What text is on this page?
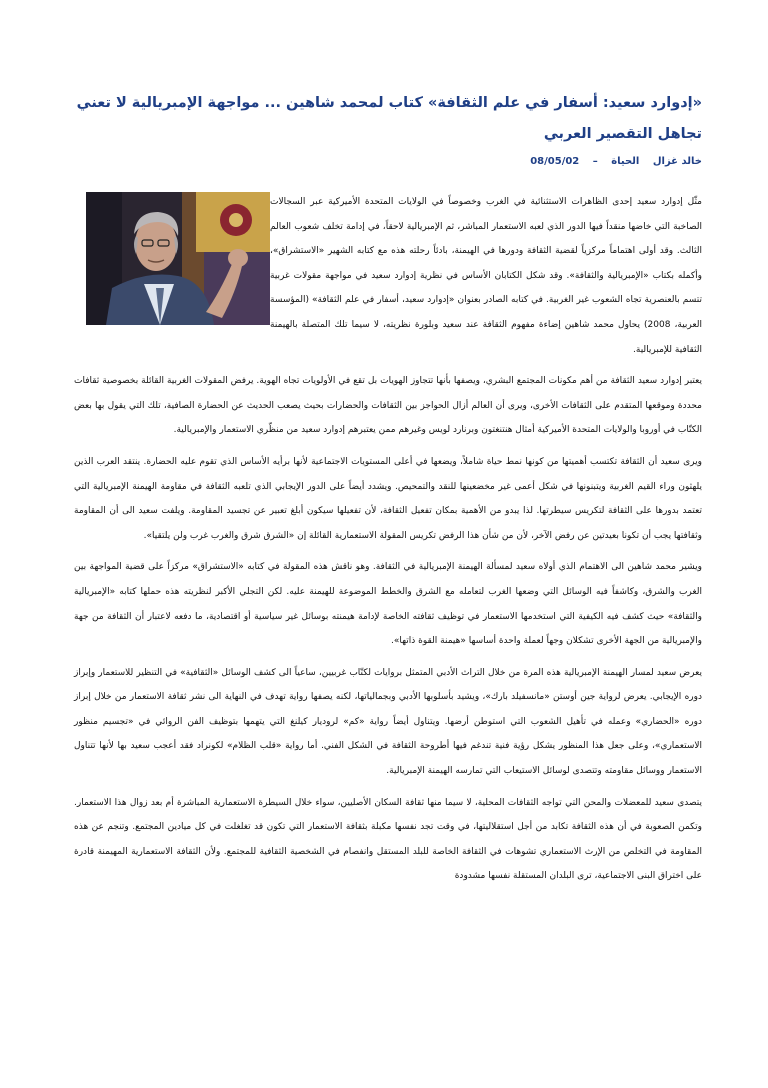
«إدوارد سعيد: أسفار في علم الثقافة» كتاب لمحمد شاهين ... مواجهة الإمبريالية لا تعني تجاهل التقصير العربي
خالد غزال الحياة – 08/05/02

مثّل إدوارد سعيد إحدى الظاهرات الاستثنائية في الغرب وخصوصاً في الولايات المتحدة الأميركية عبر السجالات الصاخبة التي خاضها منقداً فيها الدور الذي لعبه الاستعمار المباشر، ثم الإمبريالية لاحقاً، في إدامة تخلف شعوب العالم الثالث. وقد أولى اهتماماً مركزياً لقضية الثقافة ودورها في الهيمنة، بادئاً رحلته هذه مع كتابه الشهير «الاستشراق»، وأكمله بكتاب «الإمبريالية والثقافة». وقد شكل الكتابان الأساس في نظرية إدوارد سعيد في مواجهة مقولات غربية تتسم بالعنصرية تجاه الشعوب غير الغربية. في كتابه الصادر بعنوان «إدوارد سعيد، أسفار في علم الثقافة» (المؤسسة العربية، 2008) يحاول محمد شاهين إضاءة مفهوم الثقافة عند سعيد وبلورة نظريته، لا سيما تلك المتصلة بالهيمنة الثقافية للإمبريالية.

يعتبر إدوارد سعيد الثقافة من أهم مكونات المجتمع البشري، ويصفها بأنها تتجاوز الهويات بل تقع في الأولويات تجاه الهوية. يرفض المقولات الغربية القائلة بخصوصية ثقافات محددة وموقعها المتقدم على الثقافات الأخرى، ويرى أن العالم أزال الحواجز بين الثقافات والحضارات بحيث يصعب الحديث عن الحضارة الصافية، تلك التي يقول بها بعض الكتّاب في أوروبا والولايات المتحدة الأميركية أمثال هنتنغتون وبرنارد لويس وغيرهم ممن يعتبرهم إدوارد سعيد من منظّري الاستعمار والإمبريالية.

ويرى سعيد أن الثقافة تكتسب أهميتها من كونها نمط حياة شاملاً، ويضعها في أعلى المستويات الاجتماعية لأنها برأيه الأساس الذي تقوم عليه الحضارة. ينتقد العرب الذين يلهثون وراء القيم الغربية ويتبنونها في شكل أعمى غير مخضعينها للنقد والتمحيص. ويشدد أيضاً على الدور الإيجابي الذي تلعبه الثقافة في مقاومة الهيمنة الإمبريالية التي تعتمد بدورها على الثقافة لتكريس سيطرتها. لذا يبدو من الأهمية بمكان تفعيل الثقافة، لأن تفعيلها سيكون أبلغ تعبير عن تجسيد المقاومة. ويلفت سعيد الى أن المقاومة وثقافتها يجب أن تكونا بعيدتين عن رفض الآخر، لأن من شأن هذا الرفض تكريس المقولة الاستعمارية القائلة إن «الشرق شرق والغرب غرب ولن يلتقيا».

ويشير محمد شاهين الى الاهتمام الذي أولاه سعيد لمسألة الهيمنة الإمبريالية في الثقافة. وهو ناقش هذه المقولة في كتابه «الاستشراق» مركزاً على قضية المواجهة بين الغرب والشرق، وكاشفاً فيه الوسائل التي وضعها الغرب لتعامله مع الشرق والخطط الموضوعة للهيمنة عليه. لكن التجلي الأكبر لنظريته هذه حملها كتابه «الإمبريالية والثقافة» حيث كشف فيه الكيفية التي استخدمها الاستعمار في توظيف ثقافته الخاصة لإدامة هيمنته بوسائل غير سياسية أو اقتصادية، ما دفعه لاعتبار أن الثقافة من جهة والإمبريالية من الجهة الأخرى تشكلان وجهاً لعملة واحدة أساسها «هيمنة القوة ذاتها».

يعرض سعيد لمسار الهيمنة الإمبريالية هذه المرة من خلال التراث الأدبي المتمثل بروايات لكتّاب غربيين، ساعياً الى كشف الوسائل «الثقافية» في التنظير للاستعمار وإبراز دوره الإيجابي. يعرض لرواية جين أوستن «مانسفيلد بارك»، ويشيد بأسلوبها الأدبي وبجمالياتها، لكنه يصفها رواية تهدف في النهاية الى نشر ثقافة الاستعمار من خلال إبراز دوره «الحضاري» وعمله في تأهيل الشعوب التي استوطن أرضها. ويتناول أيضاً رواية «كم» لروديار كيلنغ التي يتهمها بتوظيف الفن الروائي في «تجسيم منظور الاستعماري»، وعلى جعل هذا المنظور يشكل رؤية فنية تندغم فيها أطروحة الثقافة في الشكل الفني. أما رواية «قلب الظلام» لكونراد فقد أعجب سعيد بها لأنها تتناول الاستعمار ووسائل مقاومته وتتصدى لوسائل الاستيعاب التي تمارسه الهيمنة الإمبريالية.

يتصدى سعيد للمعضلات والمحن التي تواجه الثقافات المحلية، لا سيما منها ثقافة السكان الأصليين، سواء خلال السيطرة الاستعمارية المباشرة أم بعد زوال هذا الاستعمار. وتكمن الصعوبة في أن هذه الثقافة تكابد من أجل استقلاليتها، في وقت تجد نفسها مكبلة بثقافة الاستعمار التي تكون قد تغلغلت في كل ميادين المجتمع. وتنجم عن هذه المقاومة في التخلص من الإرث الاستعماري تشوهات في الثقافة الخاصة للبلد المستقل وانفصام في الشخصية الثقافية للمجتمع. ولأن الثقافة الاستعمارية المهيمنة قادرة على اختراق البنى الاجتماعية، ترى البلدان المستقلة نفسها مشدودة
